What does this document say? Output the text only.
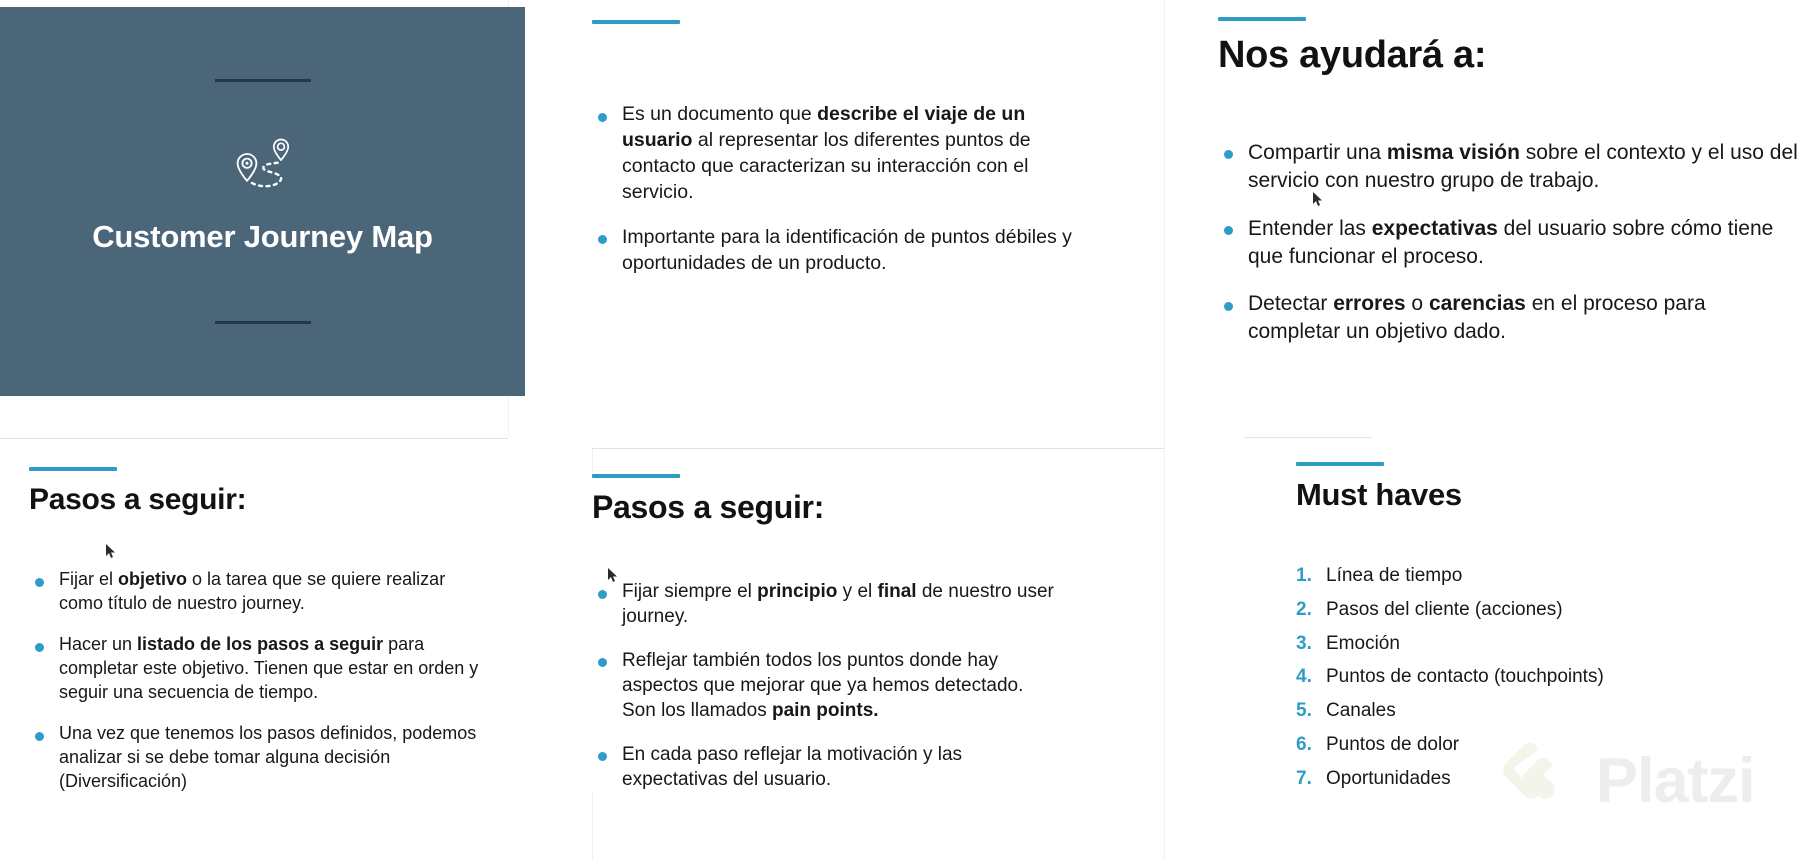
Customer Journey Map
Es un documento que describe el viaje de un usuario al representar los diferentes puntos de contacto que caracterizan su interacción con el servicio.
Importante para la identificación de puntos débiles y oportunidades de un producto.
Nos ayudará a:
Compartir una misma visión sobre el contexto y el uso del servicio con nuestro grupo de trabajo.
Entender las expectativas del usuario sobre cómo tiene que funcionar el proceso.
Detectar errores o carencias en el proceso para completar un objetivo dado.
Pasos a seguir:
Fijar el objetivo o la tarea que se quiere realizar como título de nuestro journey.
Hacer un listado de los pasos a seguir para completar este objetivo. Tienen que estar en orden y seguir una secuencia de tiempo.
Una vez que tenemos los pasos definidos, podemos analizar si se debe tomar alguna decisión (Diversificación)
Pasos a seguir:
Fijar siempre el principio y el final de nuestro user journey.
Reflejar también todos los puntos donde hay aspectos que mejorar que ya hemos detectado. Son los llamados pain points.
En cada paso reflejar la motivación y las expectativas del usuario.
Must haves
1. Línea de tiempo
2. Pasos del cliente (acciones)
3. Emoción
4. Puntos de contacto (touchpoints)
5. Canales
6. Puntos de dolor
7. Oportunidades Platzi
